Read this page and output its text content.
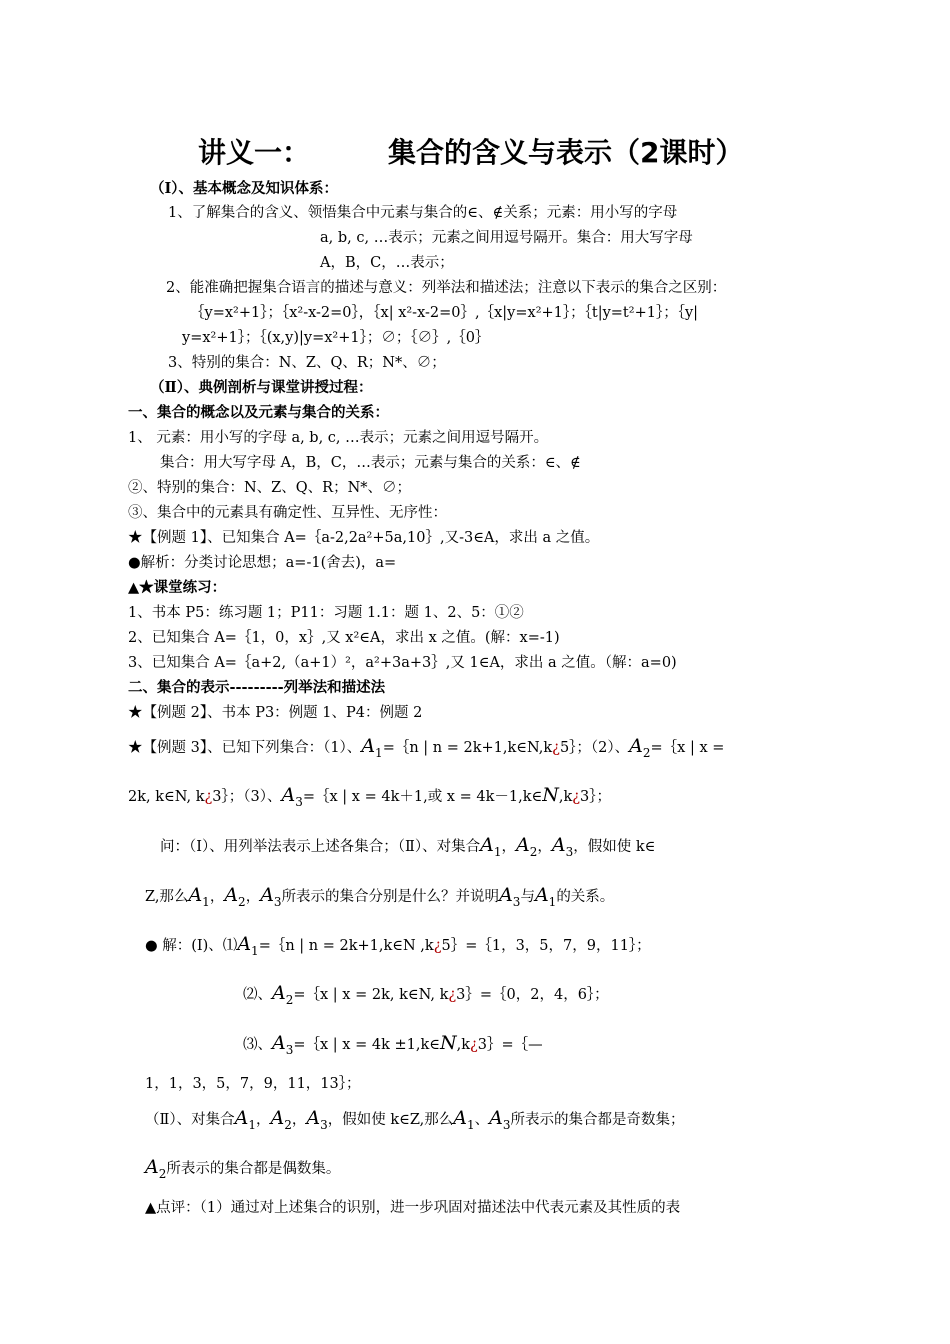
讲义一：	集合的含义与表示（2课时）
（Ⅰ）、基本概念及知识体系：
1、了解集合的含义、领悟集合中元素与集合的∈、∉关系；元素：用小写的字母
a, b, c, …表示；元素之间用逗号隔开。集合：用大写字母
A，B，C，…表示；
2、能准确把握集合语言的描述与意义：列举法和描述法；注意以下表示的集合之区别：
｛y=x²+1｝；｛x²-x-2=0｝，｛x| x²-x-2=0｝,｛x|y=x²+1｝；｛t|y=t²+1｝；｛y|
y=x²+1｝；｛(x,y)|y=x²+1｝；∅；｛∅｝,｛0｝
3、特别的集合：N、Z、Q、R；N*、∅；
（Ⅱ）、典例剖析与课堂讲授过程：
一、集合的概念以及元素与集合的关系：
1、 元素：用小写的字母 a, b, c, …表示；元素之间用逗号隔开。
集合：用大写字母 A，B，C，…表示；元素与集合的关系：∈、∉
②、特别的集合：N、Z、Q、R；N*、∅；
③、集合中的元素具有确定性、互异性、无序性：
★【例题 1】、已知集合 A=｛a-2,2a²+5a,10｝,又-3∈A，求出 a 之值。
●解析：分类讨论思想；a=-1(舍去)，a=
▲★课堂练习：
1、书本 P5：练习题 1；P11：习题 1.1：题 1、2、5：①②
2、已知集合 A=｛1，0，x｝,又 x²∈A，求出 x 之值。(解：x=-1)
3、已知集合 A=｛a+2,（a+1）²，a²+3a+3｝,又 1∈A，求出 a 之值。（解：a=0)
二、集合的表示---------列举法和描述法
★【例题 2】、书本 P3：例题 1、P4：例题 2
★【例题 3】、已知下列集合：（1）、$A_1=\{n$ | n = 2k+1,k∈N,k¿5｝；（2）、$A_2=\{x$ | x =
2k, k∈N, k¿3｝；（3）、$A_3=\{x$ | x = 4k＋1,或 x = 4k－1,k∈N,k¿3｝；
问：（Ⅰ）、用列举法表示上述各集合；（Ⅱ）、对集合$A_1$，$A_2$，$A_3$，假如使 k∈
Z,那么$A_1$，$A_2$，$A_3$所表示的集合分别是什么？并说明$A_3$与$A_1$的关系。
● 解：(I)、$⑴A_1=\{n$ | n = 2k+1,k∈N ,k¿5｝=｛1，3，5，7，9，11｝；
⑵、$A_2=\{x$ | x = 2k, k∈N, k¿3｝=｛0，2，4，6｝；
⑶、$A_3=\{x$ | x = 4k ±1,k∈N,k¿3｝=｛—
1，1，3，5，7，9，11，13｝；
（Ⅱ）、对集合$A_1$，$A_2$，$A_3$，假如使 k∈Z,那么$A_1$、$A_3$所表示的集合都是奇数集；
$A_2$所表示的集合都是偶数集。
▲点评：（1）通过对上述集合的识别，进一步巩固对描述法中代表元素及其性质的表
